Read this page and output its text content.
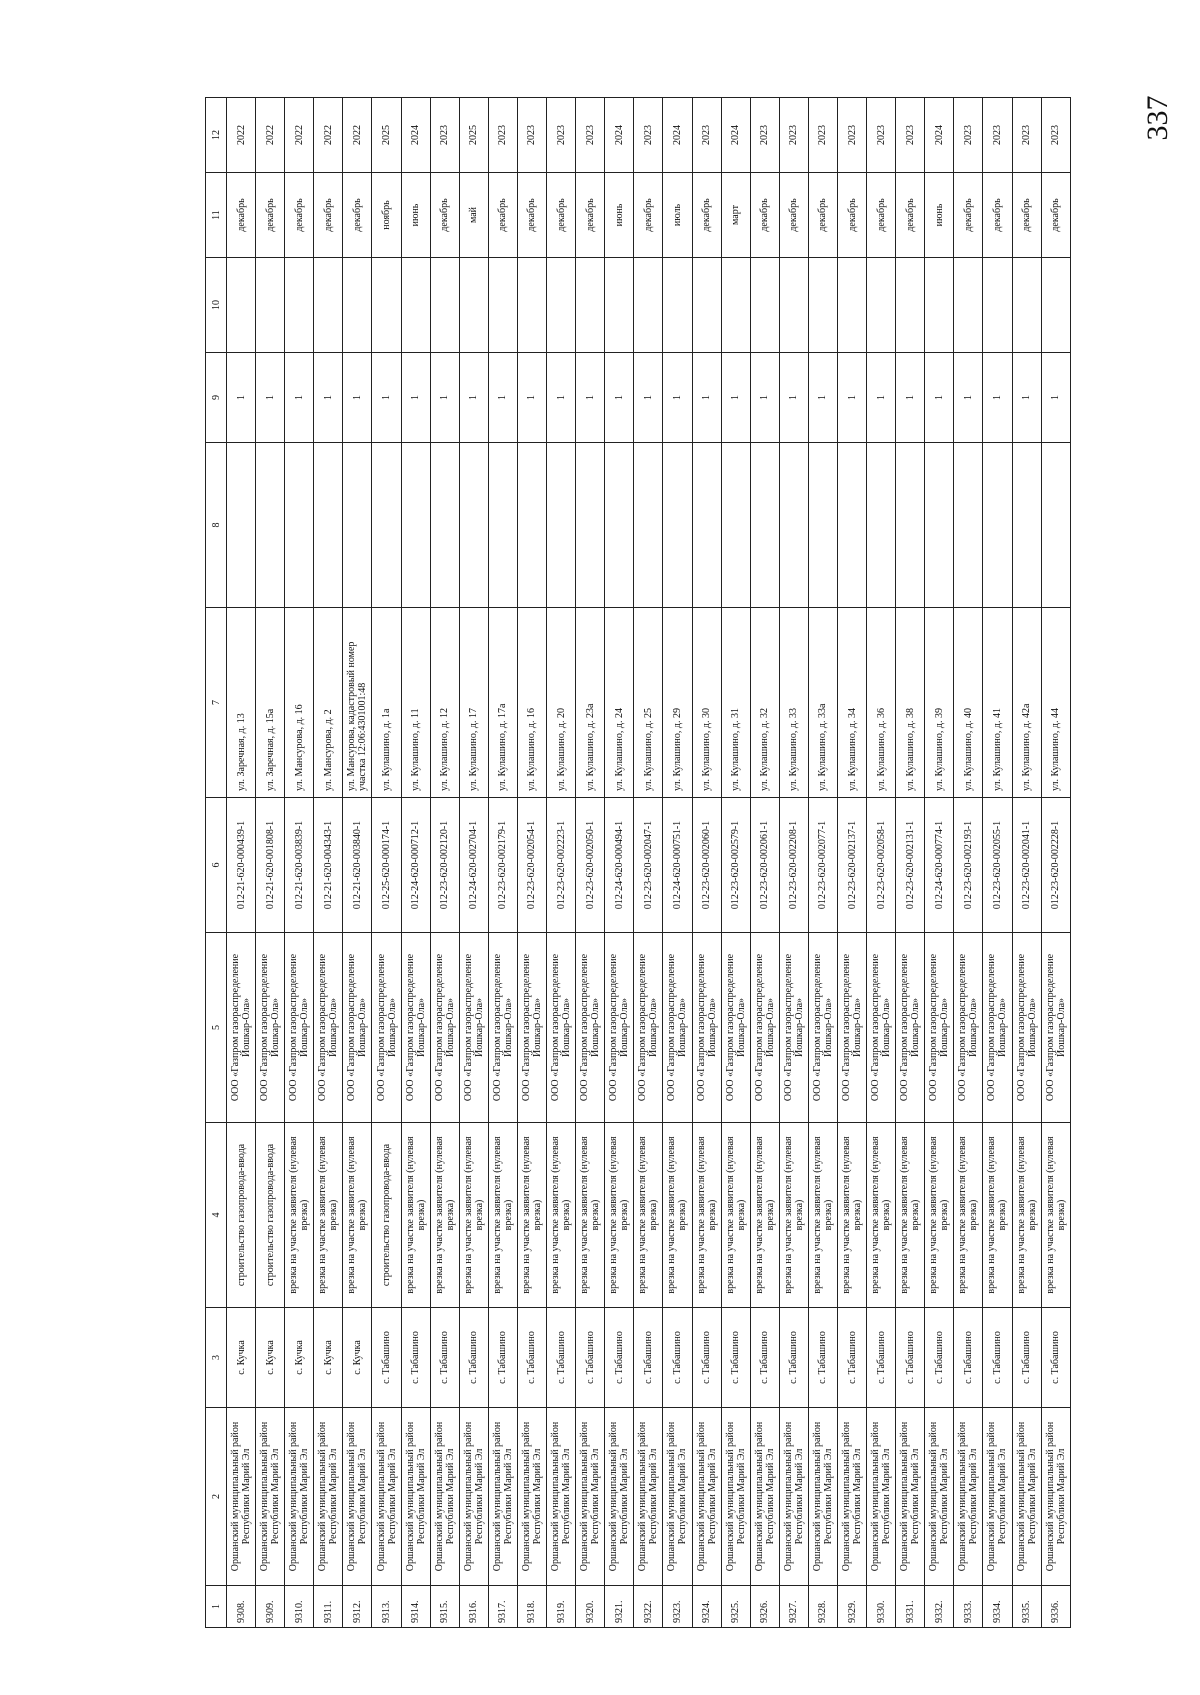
337
1	2	3	4	5	6	7	8	9	10	11	12
9308.	Оршанский муниципальный район Республики Марий Эл	с. Кучка	строительство газопровода-ввода	ООО «Газпром газораспределение Йошкар-Ола»	012-21-620-000439-1	ул. Заречная, д. 13		1		декабрь	2022
9309.	Оршанский муниципальный район Республики Марий Эл	с. Кучка	строительство газопровода-ввода	ООО «Газпром газораспределение Йошкар-Ола»	012-21-620-001808-1	ул. Заречная, д. 15а		1		декабрь	2022
9310.	Оршанский муниципальный район Республики Марий Эл	с. Кучка	врезка на участке заявителя (нулевая врезка)	ООО «Газпром газораспределение Йошкар-Ола»	012-21-620-003839-1	ул. Мансурова, д. 16		1		декабрь	2022
9311.	Оршанский муниципальный район Республики Марий Эл	с. Кучка	врезка на участке заявителя (нулевая врезка)	ООО «Газпром газораспределение Йошкар-Ола»	012-21-620-004343-1	ул. Мансурова, д. 2		1		декабрь	2022
9312.	Оршанский муниципальный район Республики Марий Эл	с. Кучка	врезка на участке заявителя (нулевая врезка)	ООО «Газпром газораспределение Йошкар-Ола»	012-21-620-003840-1	ул. Мансурова, кадастровый номер участка 12:06:4301001:48		1		декабрь	2022
9313.	Оршанский муниципальный район Республики Марий Эл	с. Табашино	строительство газопровода-ввода	ООО «Газпром газораспределение Йошкар-Ола»	012-25-620-000174-1	ул. Кулашино, д. 1а		1		ноябрь	2025
9314.	Оршанский муниципальный район Республики Марий Эл	с. Табашино	врезка на участке заявителя (нулевая врезка)	ООО «Газпром газораспределение Йошкар-Ола»	012-24-620-000712-1	ул. Кулашино, д. 11		1		июнь	2024
9315.	Оршанский муниципальный район Республики Марий Эл	с. Табашино	врезка на участке заявителя (нулевая врезка)	ООО «Газпром газораспределение Йошкар-Ола»	012-23-620-002120-1	ул. Кулашино, д. 12		1		декабрь	2023
9316.	Оршанский муниципальный район Республики Марий Эл	с. Табашино	врезка на участке заявителя (нулевая врезка)	ООО «Газпром газораспределение Йошкар-Ола»	012-24-620-002704-1	ул. Кулашино, д. 17		1		май	2025
9317.	Оршанский муниципальный район Республики Марий Эл	с. Табашино	врезка на участке заявителя (нулевая врезка)	ООО «Газпром газораспределение Йошкар-Ола»	012-23-620-002179-1	ул. Кулашино, д. 17а		1		декабрь	2023
9318.	Оршанский муниципальный район Республики Марий Эл	с. Табашино	врезка на участке заявителя (нулевая врезка)	ООО «Газпром газораспределение Йошкар-Ола»	012-23-620-002054-1	ул. Кулашино, д. 16		1		декабрь	2023
9319.	Оршанский муниципальный район Республики Марий Эл	с. Табашино	врезка на участке заявителя (нулевая врезка)	ООО «Газпром газораспределение Йошкар-Ола»	012-23-620-002223-1	ул. Кулашино, д. 20		1		декабрь	2023
9320.	Оршанский муниципальный район Республики Марий Эл	с. Табашино	врезка на участке заявителя (нулевая врезка)	ООО «Газпром газораспределение Йошкар-Ола»	012-23-620-002050-1	ул. Кулашино, д. 23а		1		декабрь	2023
9321.	Оршанский муниципальный район Республики Марий Эл	с. Табашино	врезка на участке заявителя (нулевая врезка)	ООО «Газпром газораспределение Йошкар-Ола»	012-24-620-000494-1	ул. Кулашино, д. 24		1		июнь	2024
9322.	Оршанский муниципальный район Республики Марий Эл	с. Табашино	врезка на участке заявителя (нулевая врезка)	ООО «Газпром газораспределение Йошкар-Ола»	012-23-620-002047-1	ул. Кулашино, д. 25		1		декабрь	2023
9323.	Оршанский муниципальный район Республики Марий Эл	с. Табашино	врезка на участке заявителя (нулевая врезка)	ООО «Газпром газораспределение Йошкар-Ола»	012-24-620-000751-1	ул. Кулашино, д. 29		1		июль	2024
9324.	Оршанский муниципальный район Республики Марий Эл	с. Табашино	врезка на участке заявителя (нулевая врезка)	ООО «Газпром газораспределение Йошкар-Ола»	012-23-620-002060-1	ул. Кулашино, д. 30		1		декабрь	2023
9325.	Оршанский муниципальный район Республики Марий Эл	с. Табашино	врезка на участке заявителя (нулевая врезка)	ООО «Газпром газораспределение Йошкар-Ола»	012-23-620-002579-1	ул. Кулашино, д. 31		1		март	2024
9326.	Оршанский муниципальный район Республики Марий Эл	с. Табашино	врезка на участке заявителя (нулевая врезка)	ООО «Газпром газораспределение Йошкар-Ола»	012-23-620-002061-1	ул. Кулашино, д. 32		1		декабрь	2023
9327.	Оршанский муниципальный район Республики Марий Эл	с. Табашино	врезка на участке заявителя (нулевая врезка)	ООО «Газпром газораспределение Йошкар-Ола»	012-23-620-002208-1	ул. Кулашино, д. 33		1		декабрь	2023
9328.	Оршанский муниципальный район Республики Марий Эл	с. Табашино	врезка на участке заявителя (нулевая врезка)	ООО «Газпром газораспределение Йошкар-Ола»	012-23-620-002077-1	ул. Кулашино, д. 33а		1		декабрь	2023
9329.	Оршанский муниципальный район Республики Марий Эл	с. Табашино	врезка на участке заявителя (нулевая врезка)	ООО «Газпром газораспределение Йошкар-Ола»	012-23-620-002137-1	ул. Кулашино, д. 34		1		декабрь	2023
9330.	Оршанский муниципальный район Республики Марий Эл	с. Табашино	врезка на участке заявителя (нулевая врезка)	ООО «Газпром газораспределение Йошкар-Ола»	012-23-620-002058-1	ул. Кулашино, д. 36		1		декабрь	2023
9331.	Оршанский муниципальный район Республики Марий Эл	с. Табашино	врезка на участке заявителя (нулевая врезка)	ООО «Газпром газораспределение Йошкар-Ола»	012-23-620-002131-1	ул. Кулашино, д. 38		1		декабрь	2023
9332.	Оршанский муниципальный район Республики Марий Эл	с. Табашино	врезка на участке заявителя (нулевая врезка)	ООО «Газпром газораспределение Йошкар-Ола»	012-24-620-000774-1	ул. Кулашино, д. 39		1		июнь	2024
9333.	Оршанский муниципальный район Республики Марий Эл	с. Табашино	врезка на участке заявителя (нулевая врезка)	ООО «Газпром газораспределение Йошкар-Ола»	012-23-620-002193-1	ул. Кулашино, д. 40		1		декабрь	2023
9334.	Оршанский муниципальный район Республики Марий Эл	с. Табашино	врезка на участке заявителя (нулевая врезка)	ООО «Газпром газораспределение Йошкар-Ола»	012-23-620-002055-1	ул. Кулашино, д. 41		1		декабрь	2023
9335.	Оршанский муниципальный район Республики Марий Эл	с. Табашино	врезка на участке заявителя (нулевая врезка)	ООО «Газпром газораспределение Йошкар-Ола»	012-23-620-002041-1	ул. Кулашино, д. 42а		1		декабрь	2023
9336.	Оршанский муниципальный район Республики Марий Эл	с. Табашино	врезка на участке заявителя (нулевая врезка)	ООО «Газпром газораспределение Йошкар-Ола»	012-23-620-002228-1	ул. Кулашино, д. 44		1		декабрь	2023
